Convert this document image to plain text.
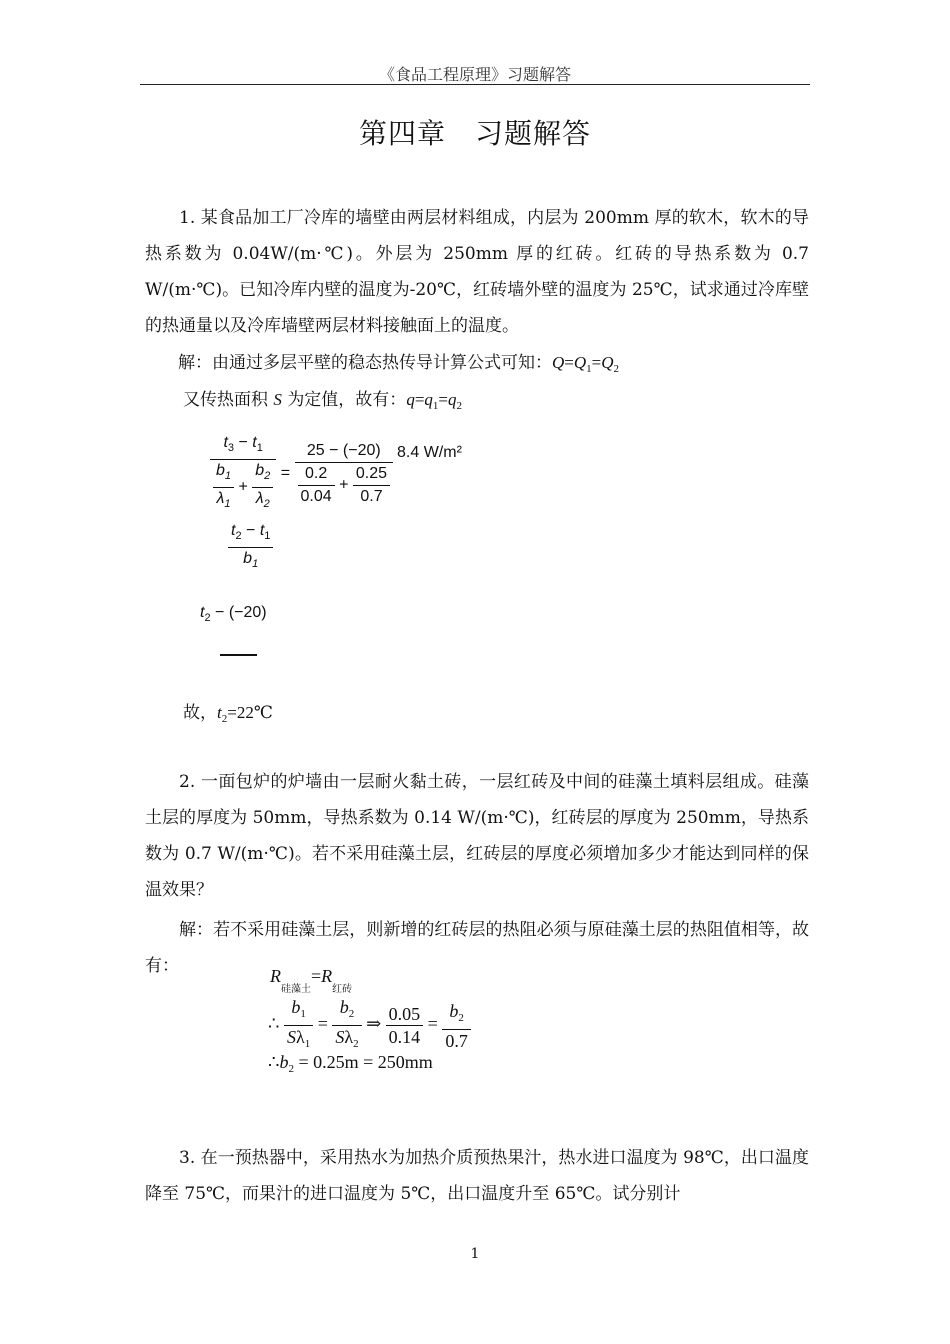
《食品工程原理》习题解答
第四章　习题解答
1. 某食品加工厂冷库的墙壁由两层材料组成，内层为 200mm 厚的软木，软木的导热系数为 0.04W/(m·℃)。外层为 250mm 厚的红砖。红砖的导热系数为 0.7 W/(m·℃)。已知冷库内壁的温度为-20℃，红砖墙外壁的温度为 25℃，试求通过冷库壁的热通量以及冷库墙壁两层材料接触面上的温度。
解：由通过多层平壁的稳态热传导计算公式可知：$Q=Q_1=Q_2$
又传热面积 S 为定值，故有：$q=q_1=q_2$
$\frac{t_3 - t_1}{\frac{b_1}{\lambda_1} + \frac{b_2}{\lambda_2}} = \frac{25 - (-20)}{\frac{0.2}{0.04} + \frac{0.25}{0.7}} 8.4$ W/m²
$\frac{t_2 - t_1}{b_1}$
$t_2 - (-20)$
故，$t_2=22℃$
2. 一面包炉的炉墙由一层耐火黏土砖，一层红砖及中间的硅藻土填料层组成。硅藻土层的厚度为 50mm，导热系数为 0.14 W/(m·℃)，红砖层的厚度为 250mm，导热系数为 0.7 W/(m·℃)。若不采用硅藻土层，红砖层的厚度必须增加多少才能达到同样的保温效果？
解：若不采用硅藻土层，则新增的红砖层的热阻必须与原硅藻土层的热阻值相等，故有：	$R_{硅藻土}=R_{红砖}$
∴ $\frac{b_1}{S\lambda_1} = \frac{b_2}{S\lambda_2}$ ⇒ $\frac{0.05}{0.14} = \frac{b_2}{0.7}$
$\therefore b_2 = 0.25m = 250mm$
3. 在一预热器中，采用热水为加热介质预热果汁，热水进口温度为 98℃，出口温度降至 75℃，而果汁的进口温度为 5℃，出口温度升至 65℃。试分别计
1
